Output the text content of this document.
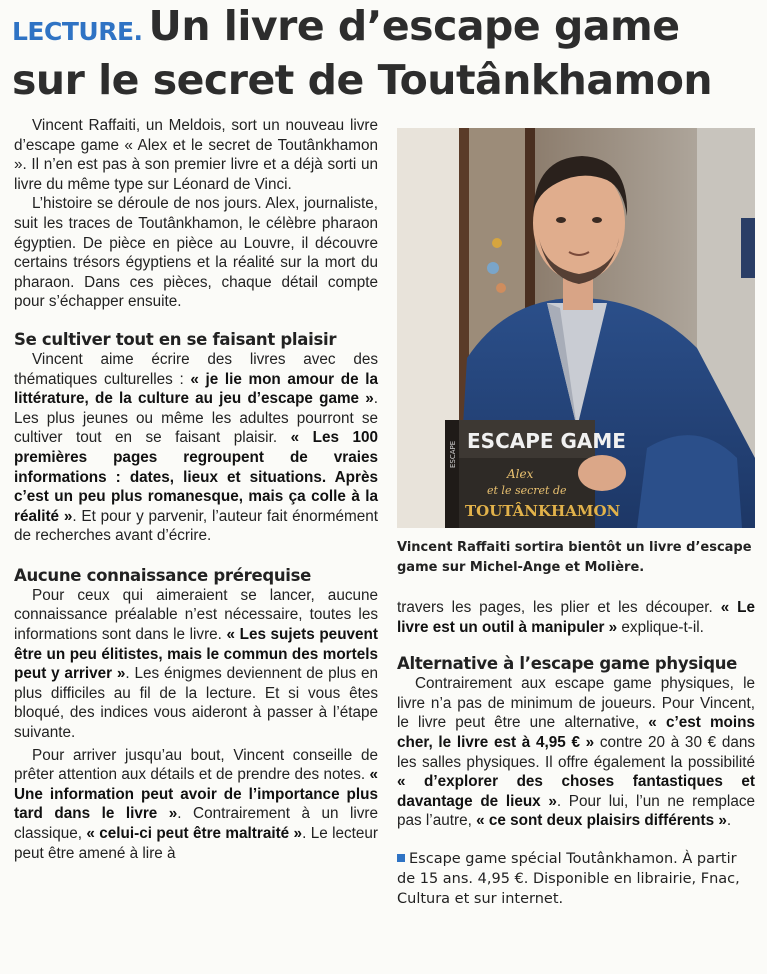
LECTURE. Un livre d’escape game
sur le secret de Toutânkhamon

Vincent Raffaiti, un Meldois, sort un nouveau livre d’escape game « Alex et le secret de Toutânkhamon ». Il n’en est pas à son premier livre et a déjà sorti un livre du même type sur Léonard de Vinci.

L’histoire se déroule de nos jours. Alex, journaliste, suit les traces de Toutânkhamon, le célèbre pharaon égyptien. De pièce en pièce au Louvre, il découvre certains trésors égyptiens et la réalité sur la mort du pharaon. Dans ces pièces, chaque détail compte pour s’échapper ensuite.

Se cultiver tout en se faisant plaisir

Vincent aime écrire des livres avec des thématiques culturelles : « je lie mon amour de la littérature, de la culture au jeu d’escape game ». Les plus jeunes ou même les adultes pourront se cultiver tout en se faisant plaisir. « Les 100 premières pages regroupent de vraies informations : dates, lieux et situations. Après c’est un peu plus romanesque, mais ça colle à la réalité ». Et pour y parvenir, l’auteur fait énormément de recherches avant d’écrire.

Aucune connaissance prérequise

Pour ceux qui aimeraient se lancer, aucune connaissance préalable n’est nécessaire, toutes les informations sont dans le livre. « Les sujets peuvent être un peu élitistes, mais le commun des mortels peut y arriver ». Les énigmes deviennent de plus en plus difficiles au fil de la lecture. Et si vous êtes bloqué, des indices vous aideront à passer à l’étape suivante.

Pour arriver jusqu’au bout, Vincent conseille de prêter attention aux détails et de prendre des notes. « Une information peut avoir de l’importance plus tard dans le livre ». Contrairement à un livre classique, « celui-ci peut être maltraité ». Le lecteur peut être amené à lire à

ESCAPE GAME
ESCAPE
Alex
et le secret de
TOUTÂNKHAMON
Vincent Raffaiti sortira bientôt un livre d’escape game sur Michel-Ange et Molière.

travers les pages, les plier et les découper. « Le livre est un outil à manipuler » explique-t-il.

Alternative à l’escape game physique

Contrairement aux escape game physiques, le livre n’a pas de minimum de joueurs. Pour Vincent, le livre peut être une alternative, « c’est moins cher, le livre est à 4,95 € » contre 20 à 30 € dans les salles physiques. Il offre également la possibilité « d’explorer des choses fantastiques et davantage de lieux ». Pour lui, l’un ne remplace pas l’autre, « ce sont deux plaisirs différents ».

Escape game spécial Toutânkhamon. À partir de 15 ans. 4,95 €. Disponible en librairie, Fnac, Cultura et sur internet.
